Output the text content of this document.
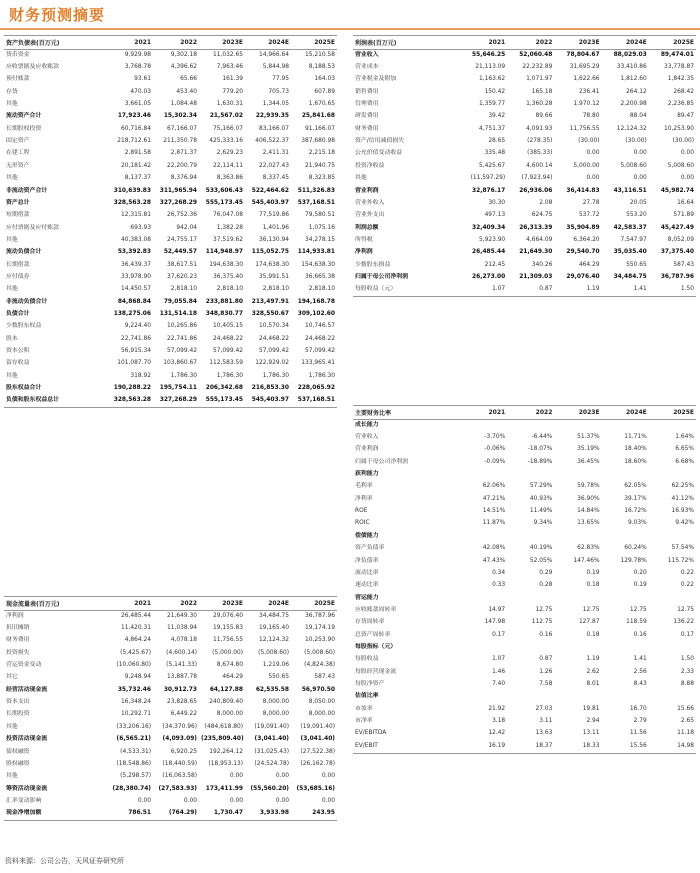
财务预测摘要
资产负债表(百万元)	2021	2022	2023E	2024E	2025E
货币资金	9,929.98	9,302.18	11,032.65	14,966.64	15,210.58
应收票据及应收账款	3,768.78	4,396.62	7,963.46	5,844.98	8,188.53
预付账款	93.61	65.66	161.39	77.95	164.03
存货	470.03	453.40	779.20	705.73	607.89
其他	3,661.05	1,084.48	1,630.31	1,344.05	1,670.65
流动资产合计	17,923.46	15,302.34	21,567.02	22,939.35	25,841.68
长期股权投资	60,716.84	67,166.07	75,166.07	83,166.07	91,166.07
固定资产	218,712.61	211,350.78	425,333.16	406,522.37	387,680.98
在建工程	2,891.58	2,871.37	2,629.23	2,411.31	2,215.18
无形资产	20,181.42	22,200.79	22,114.11	22,027.43	21,940.75
其他	8,137.37	8,376.94	8,363.86	8,337.45	8,323.85
非流动资产合计	310,639.83	311,965.94	533,606.43	522,464.62	511,326.83
资产总计	328,563.28	327,268.29	555,173.45	545,403.97	537,168.51
短期借款	12,315.81	26,752.36	76,047.08	77,519.86	79,580.51
应付票据及应付账款	693.93	942.04	1,382.28	1,401.96	1,075.16
其他	40,383.08	24,755.17	37,519.62	36,130.94	34,278.15
流动负债合计	53,392.83	52,449.57	114,948.97	115,052.75	114,933.81
长期借款	36,439.37	38,617.51	194,638.30	174,638.30	154,638.30
应付债券	33,978.90	37,620.23	36,375.40	35,991.51	36,665.38
其他	14,450.57	2,818.10	2,818.10	2,818.10	2,818.10
非流动负债合计	84,868.84	79,055.84	233,881.80	213,497.91	194,168.78
负债合计	138,275.06	131,514.18	348,830.77	328,550.67	309,102.60
少数股东权益	9,224.40	10,265.86	10,405.15	10,570.34	10,746.57
股本	22,741.86	22,741.86	24,468.22	24,468.22	24,468.22
资本公积	56,915.34	57,099.42	57,099.42	57,099.42	57,099.42
留存收益	101,087.70	103,860.67	112,583.59	122,929.02	133,965.41
其他	318.92	1,786.30	1,786.30	1,786.30	1,786.30
股东权益合计	190,288.22	195,754.11	206,342.68	216,853.30	228,065.92
负债和股东权益总计	328,563.28	327,268.29	555,173.45	545,403.97	537,168.51
利润表(百万元)	2021	2022	2023E	2024E	2025E
营业收入	55,646.25	52,060.48	78,804.67	88,029.03	89,474.01
营业成本	21,113.09	22,232.89	31,695.29	33,410.86	33,778.87
营业税金及附加	1,163.62	1,071.97	1,622.66	1,812.60	1,842.35
销售费用	150.42	165.18	236.41	264.12	268.42
管理费用	1,359.77	1,360.28	1,970.12	2,200.98	2,236.85
研发费用	39.42	89.66	78.80	88.04	89.47
财务费用	4,751.37	4,091.93	11,756.55	12,124.32	10,253.90
资产/信用减值损失	28.65	(278.35)	(30.00)	(30.00)	(30.00)
公允价值变动收益	335.48	(385.33)	0.00	0.00	0.00
投资净收益	5,425.67	4,600.14	5,000.00	5,008.60	5,008.60
其他	(11,597.29)	(7,923.94)	0.00	0.00	0.00
营业利润	32,876.17	26,936.06	36,414.83	43,116.51	45,982.74
营业外收入	30.30	2.08	27.78	20.05	16.64
营业外支出	497.13	624.75	537.72	553.20	571.89
利润总额	32,409.34	26,313.39	35,904.89	42,583.37	45,427.49
所得税	5,923.90	4,664.09	6,364.20	7,547.97	8,052.09
净利润	26,485.44	21,649.30	29,540.70	35,035.40	37,375.40
少数股东损益	212.45	340.26	464.29	550.65	587.43
归属于母公司净利润	26,273.00	21,309.03	29,076.40	34,484.75	36,787.96
每股收益（元）	1.07	0.87	1.19	1.41	1.50
现金流量表(百万元)	2021	2022	2023E	2024E	2025E
净利润	26,485.44	21,649.30	29,076.40	34,484.75	36,787.96
折旧摊销	11,420.31	11,038.94	19,155.83	19,165.40	19,174.19
财务费用	4,864.24	4,078.18	11,756.55	12,124.32	10,253.90
投资损失	(5,425.67)	(4,600.14)	(5,000.00)	(5,008.60)	(5,008.60)
营运资金变动	(10,060.80)	(5,141.33)	8,674.80	1,219.06	(4,824.38)
其它	9,248.94	13,887.78	464.29	550.65	587.43
经营活动现金流	35,732.46	30,912.73	64,127.88	62,535.58	56,970.50
资本支出	16,348.24	23,828.65	240,809.40	8,000.00	8,050.00
长期投资	10,292.71	6,449.22	8,000.00	8,000.00	8,000.00
其他	(33,206.16)	(34,370.96)	(484,618.80)	(19,091.40)	(19,091.40)
投资活动现金流	(6,565.21)	(4,093.09)	(235,809.40)	(3,041.40)	(3,041.40)
债权融资	(4,533.31)	6,920.25	192,264.12	(31,025.43)	(27,522.38)
股权融资	(18,548.86)	(18,440.59)	(18,953.13)	(24,524.78)	(26,162.78)
其他	(5,298.57)	(16,063.58)	0.00	0.00	0.00
筹资活动现金流	(28,380.74)	(27,583.93)	173,411.99	(55,560.20)	(53,685.16)
汇率变动影响	0.00	0.00	0.00	0.00	0.00
现金净增加额	786.51	(764.29)	1,730.47	3,933.98	243.95
主要财务比率	2021	2022	2023E	2024E	2025E
成长能力					
营业收入	-3.70%	-6.44%	51.37%	11.71%	1.64%
营业利润	-0.06%	-18.07%	35.19%	18.40%	6.65%
归属于母公司净利润	-0.09%	-18.89%	36.45%	18.60%	6.68%
获利能力					
毛利率	62.06%	57.29%	59.78%	62.05%	62.25%
净利率	47.21%	40.93%	36.90%	39.17%	41.12%
ROE	14.51%	11.49%	14.84%	16.72%	16.93%
ROIC	11.87%	9.34%	13.65%	9.03%	9.42%
偿债能力					
资产负债率	42.08%	40.19%	62.83%	60.24%	57.54%
净负债率	47.43%	52.05%	147.46%	129.78%	115.72%
流动比率	0.34	0.29	0.19	0.20	0.22
速动比率	0.33	0.28	0.18	0.19	0.22
营运能力					
应收账款周转率	14.97	12.75	12.75	12.75	12.75
存货周转率	147.98	112.75	127.87	118.59	136.22
总资产周转率	0.17	0.16	0.18	0.16	0.17
每股指标（元）					
每股收益	1.07	0.87	1.19	1.41	1.50
每股经营现金流	1.46	1.26	2.62	2.56	2.33
每股净资产	7.40	7.58	8.01	8.43	8.88
估值比率					
市盈率	21.92	27.03	19.81	16.70	15.66
市净率	3.18	3.11	2.94	2.79	2.65
EV/EBITDA	12.42	13.63	13.11	11.56	11.18
EV/EBIT	16.19	18.37	18.33	15.56	14.98
资料来源：公司公告，天风证券研究所
